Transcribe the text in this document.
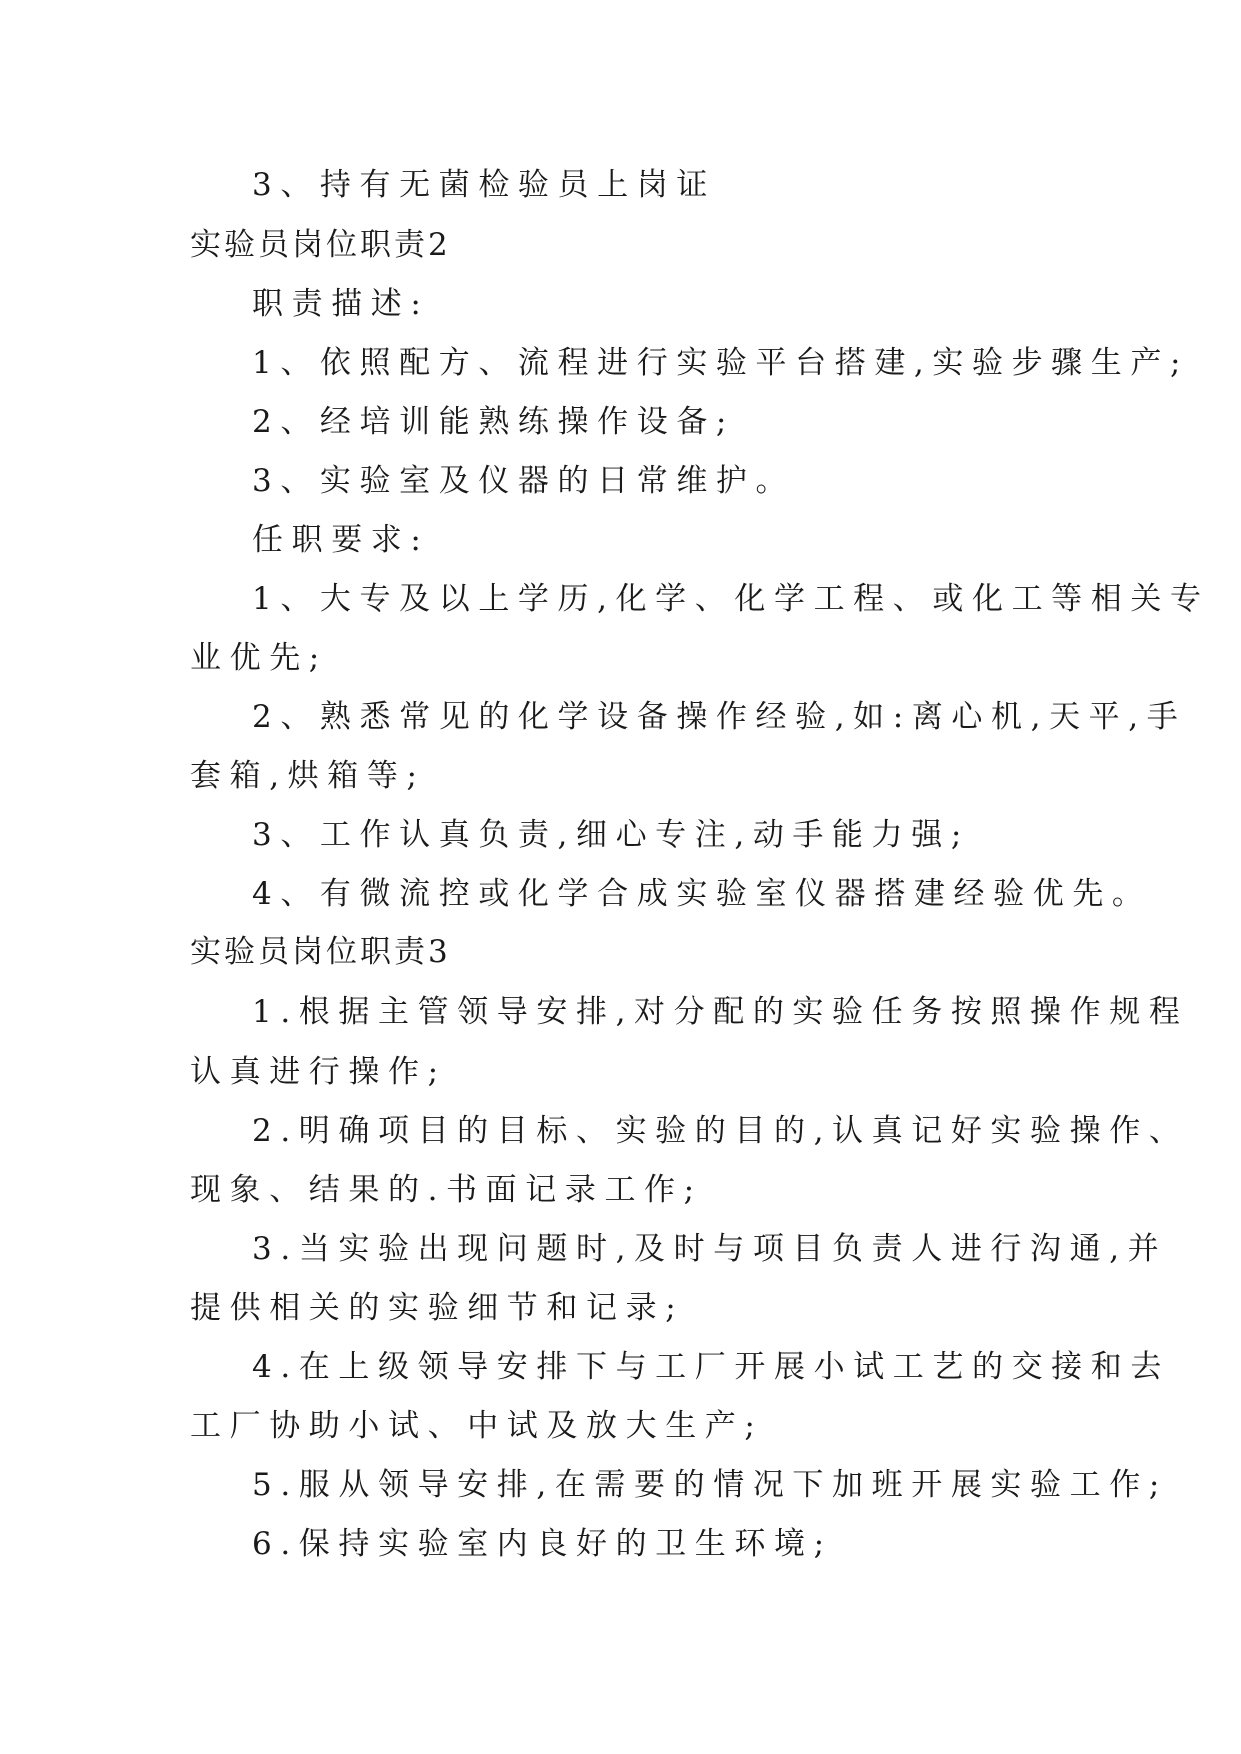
3、持有无菌检验员上岗证
实验员岗位职责2
职责描述:
1、依照配方、流程进行实验平台搭建,实验步骤生产;
2、经培训能熟练操作设备;
3、实验室及仪器的日常维护。
任职要求:
1、大专及以上学历,化学、化学工程、或化工等相关专
业优先;
2、熟悉常见的化学设备操作经验,如:离心机,天平,手
套箱,烘箱等;
3、工作认真负责,细心专注,动手能力强;
4、有微流控或化学合成实验室仪器搭建经验优先。
实验员岗位职责3
1.根据主管领导安排,对分配的实验任务按照操作规程
认真进行操作;
2.明确项目的目标、实验的目的,认真记好实验操作、
现象、结果的.书面记录工作;
3.当实验出现问题时,及时与项目负责人进行沟通,并
提供相关的实验细节和记录;
4.在上级领导安排下与工厂开展小试工艺的交接和去
工厂协助小试、中试及放大生产;
5.服从领导安排,在需要的情况下加班开展实验工作;
6.保持实验室内良好的卫生环境;
